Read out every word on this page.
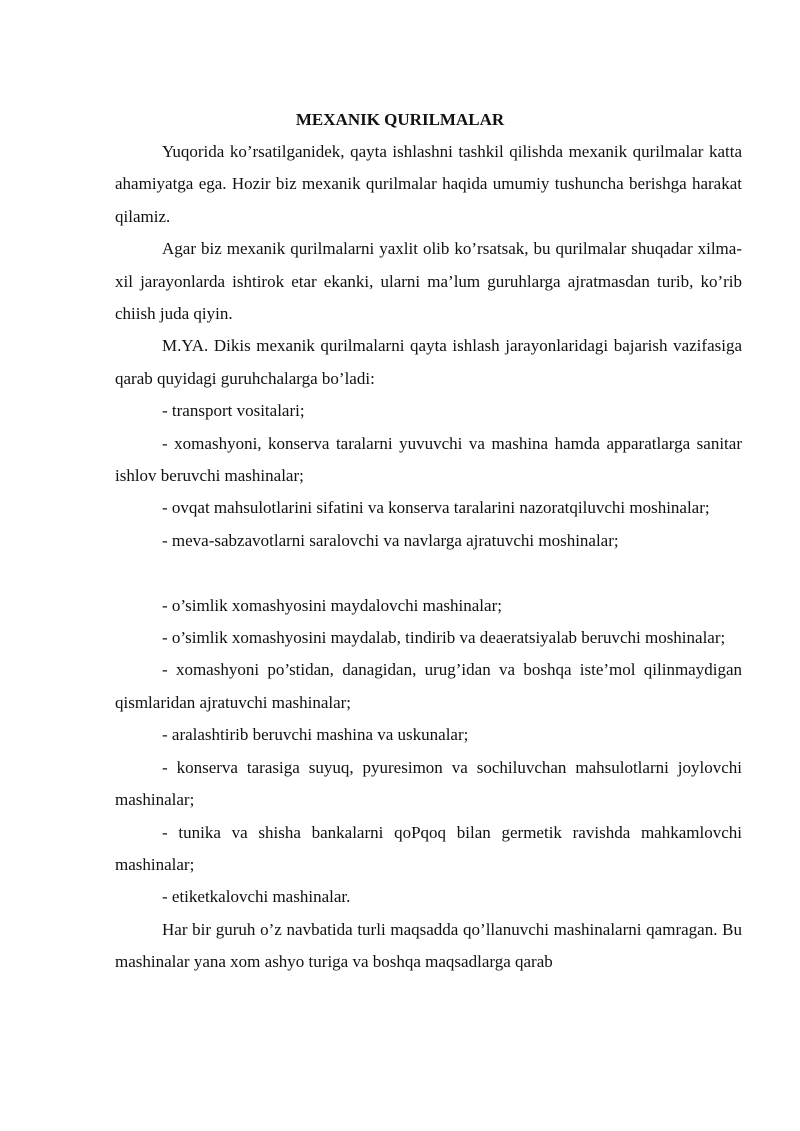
MEXANIK QURILMALAR

Yuqorida ko’rsatilganidek, qayta ishlashni tashkil qilishda mexanik qurilmalar katta ahamiyatga ega. Hozir biz mexanik qurilmalar haqida umumiy tushuncha berishga harakat qilamiz.

Agar biz mexanik qurilmalarni yaxlit olib ko’rsatsak, bu qurilmalar shuqadar xilma-xil jarayonlarda ishtirok etar ekanki, ularni ma’lum guruhlarga ajratmasdan turib, ko’rib chiish juda qiyin.

M.YA. Dikis mexanik qurilmalarni qayta ishlash jarayonlaridagi bajarish vazifasiga qarab quyidagi guruhchalarga bo’ladi:

- transport vositalari;

- xomashyoni, konserva taralarni yuvuvchi va mashina hamda apparatlarga sanitar ishlov beruvchi mashinalar;

- ovqat mahsulotlarini sifatini va konserva taralarini nazoratqiluvchi moshinalar;

- meva-sabzavotlarni saralovchi va navlarga ajratuvchi moshinalar;

- o’simlik xomashyosini maydalovchi mashinalar;

- o’simlik xomashyosini maydalab, tindirib va deaeratsiyalab beruvchi moshinalar;

- xomashyoni po’stidan, danagidan, urug’idan va boshqa iste’mol qilinmaydigan qismlaridan ajratuvchi mashinalar;

- aralashtirib beruvchi mashina va uskunalar;

- konserva tarasiga suyuq, pyuresimon va sochiluvchan mahsulotlarni joylovchi mashinalar;

- tunika va shisha bankalarni qoPqoq bilan germetik ravishda mahkamlovchi mashinalar;

- etiketkalovchi mashinalar.

Har bir guruh o’z navbatida turli maqsadda qo’llanuvchi mashinalarni qamragan. Bu mashinalar yana xom ashyo turiga va boshqa maqsadlarga qarab
